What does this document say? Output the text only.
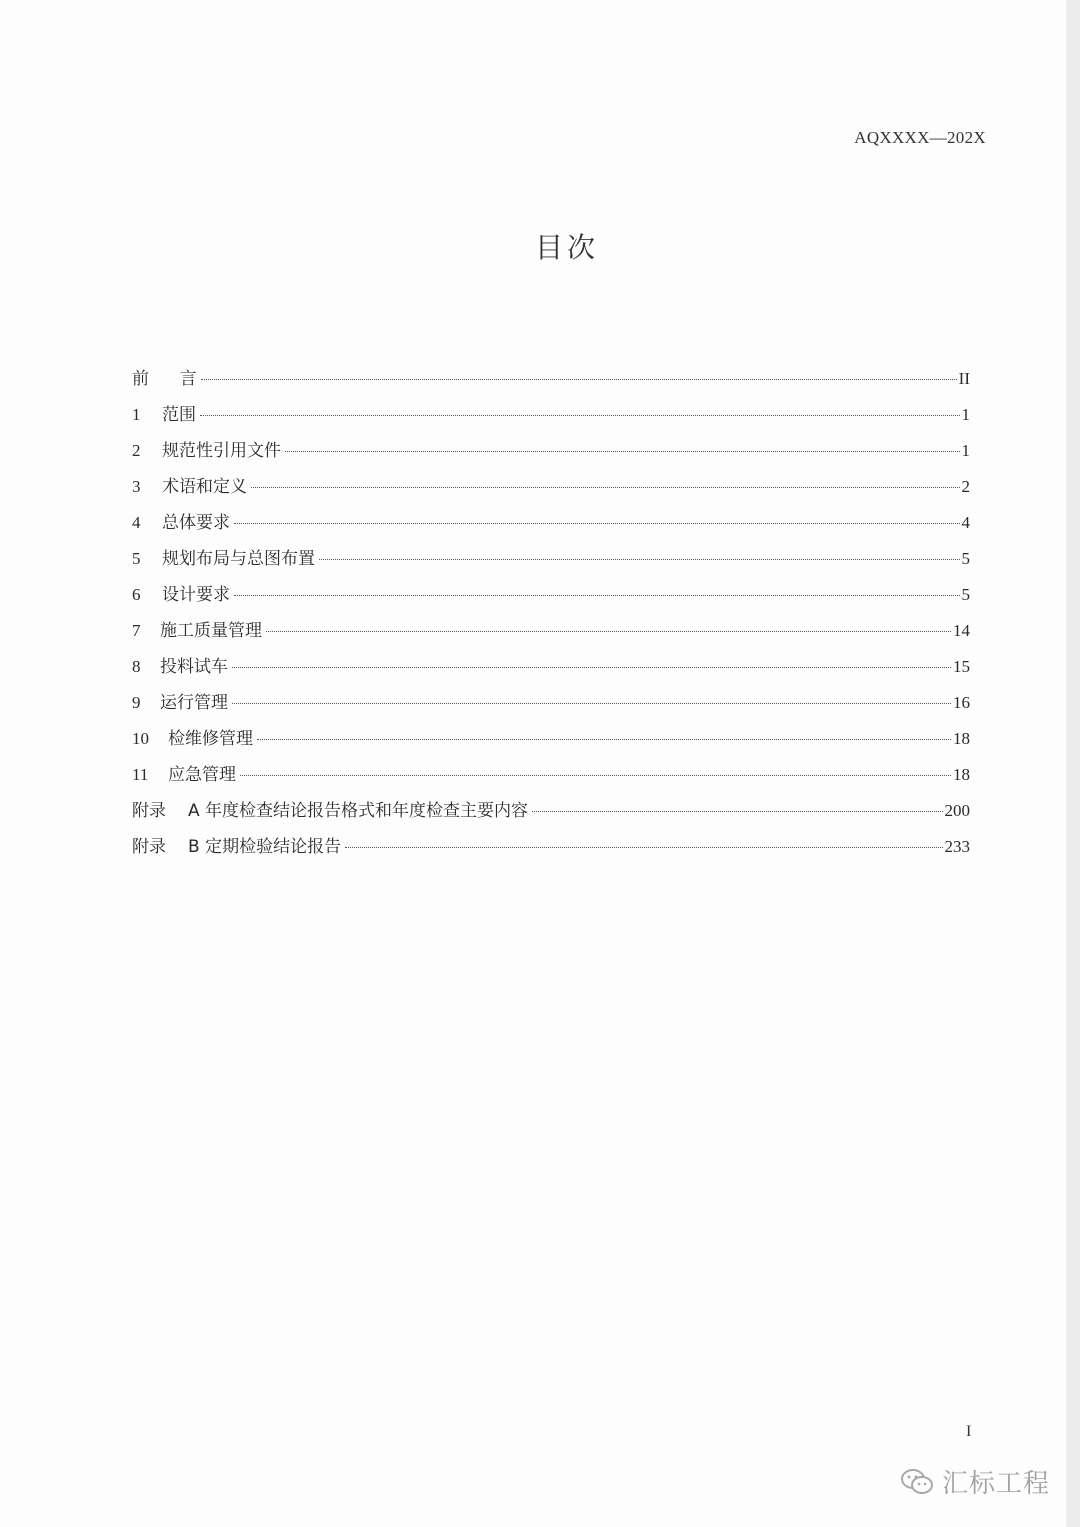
AQXXXX—202X
目次
前 言	II
1	范围	1
2	规范性引用文件	1
3	术语和定义	2
4	总体要求	4
5	规划布局与总图布置	5
6	设计要求	5
7	施工质量管理	14
8	投料试车	15
9	运行管理	16
10	检维修管理	18
11	应急管理	18
附录	A 年度检查结论报告格式和年度检查主要内容	200
附录	B 定期检验结论报告	233
I
汇标工程
